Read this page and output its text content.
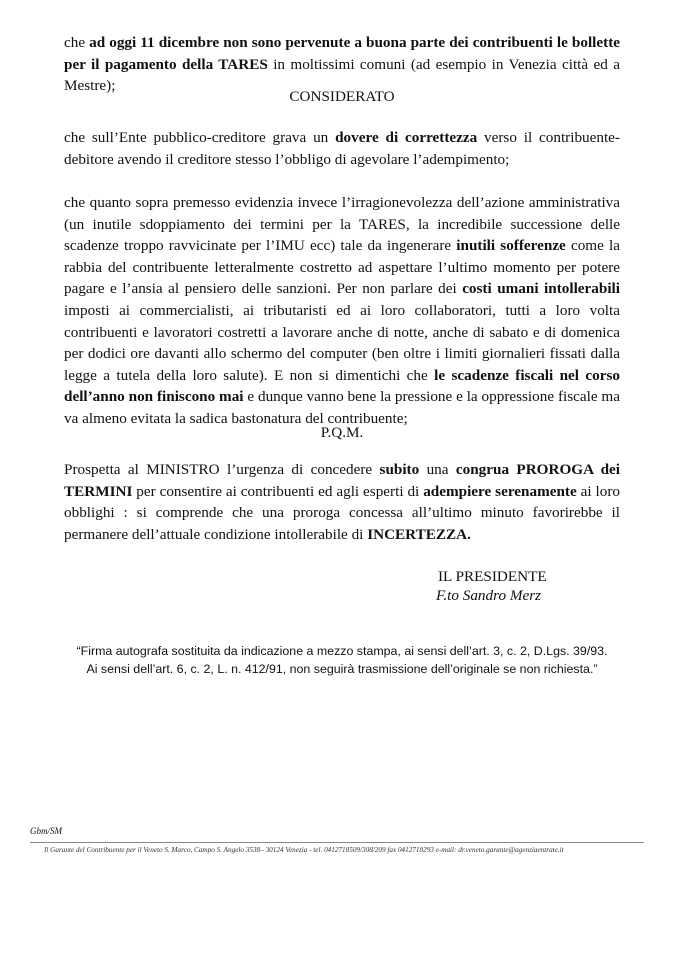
che ad oggi 11 dicembre non sono pervenute a buona parte dei contribuenti le bollette per il pagamento della TARES in moltissimi comuni (ad esempio in Venezia città ed a Mestre);

CONSIDERATO

che sull’Ente pubblico-creditore grava un dovere di correttezza verso il contribuente-debitore avendo il creditore stesso l’obbligo di agevolare l’adempimento;

che quanto sopra premesso evidenzia invece l’irragionevolezza dell’azione amministrativa (un inutile sdoppiamento dei termini per la TARES, la incredibile successione delle scadenze troppo ravvicinate per l’IMU ecc) tale da ingenerare inutili sofferenze come la rabbia del contribuente letteralmente costretto ad aspettare l’ultimo momento per potere pagare e l’ansia al pensiero delle sanzioni. Per non parlare dei costi umani intollerabili imposti ai commercialisti, ai tributaristi ed ai loro collaboratori, tutti a loro volta contribuenti e lavoratori costretti a lavorare anche di notte, anche di sabato e di domenica per dodici ore davanti allo schermo del computer (ben oltre i limiti giornalieri fissati dalla legge a tutela della loro salute). E non si dimentichi che le scadenze fiscali nel corso dell’anno non finiscono mai e dunque vanno bene la pressione e la oppressione fiscale ma va almeno evitata la sadica bastonatura del contribuente;

P.Q.M.

Prospetta al MINISTRO l’urgenza di concedere subito una congrua PROROGA dei TERMINI per consentire ai contribuenti ed agli esperti di adempiere serenamente ai loro obblighi : si comprende che una proroga concessa all’ultimo minuto favorirebbe il permanere dell’attuale condizione intollerabile di INCERTEZZA.

IL PRESIDENTE
F.to Sandro Merz
“Firma autografa sostituita da indicazione a mezzo stampa, ai sensi dell’art. 3, c. 2, D.Lgs. 39/93.
Ai sensi dell’art. 6, c. 2, L. n. 412/91, non seguirà trasmissione dell’originale se non richiesta.”
Gbm/SM
Il Garante del Contribuente per il Veneto S. Marco, Campo S. Angelo 3538– 30124 Venezia - tel. 0412718509/308/209 fax 0412718293 e-mail: dr.veneto.garante@agenziaentrate.it
